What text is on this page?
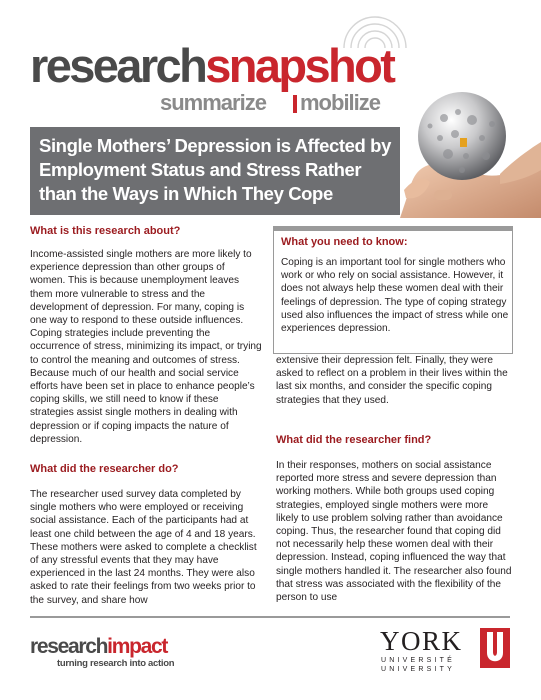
researchsnapshot
summarize mobilize
Single Mothers’ Depression is Affected by Employment Status and Stress Rather than the Ways in Which They Cope
What is this research about?
Income-assisted single mothers are more likely to experience depression than other groups of women. This is because unemployment leaves them more vulnerable to stress and the development of depression. For many, coping is one way to respond to these outside influences. Coping strategies include preventing the occurrence of stress, minimizing its impact, or trying to control the meaning and outcomes of stress. Because much of our health and social service efforts have been set in place to enhance people’s coping skills, we still need to know if these strategies assist single mothers in dealing with depression or if coping impacts the nature of depression.
What did the researcher do?
The researcher used survey data completed by single mothers who were employed or receiving social assistance. Each of the participants had at least one child between the age of 4 and 18 years. These mothers were asked to complete a checklist of any stressful events that they may have experienced in the last 24 months. They were also asked to rate their feelings from two weeks prior to the survey, and share how
What you need to know:
Coping is an important tool for single mothers who work or who rely on social assistance. However, it does not always help these women deal with their feelings of depression. The type of coping strategy used also influences the impact of stress while one experiences depression.
extensive their depression felt. Finally, they were asked to reflect on a problem in their lives within the last six months, and consider the specific coping strategies that they used.
What did the researcher find?
In their responses, mothers on social assistance reported more stress and severe depression than working mothers. While both groups used coping strategies, employed single mothers were more likely to use problem solving rather than avoidance coping. Thus, the researcher found that coping did not necessarily help these women deal with their depression. Instead, coping influenced the way that single mothers handled it. The researcher also found that stress was associated with the flexibility of the person to use
researchimpact
turning research into action
YORK
UNIVERSITÉ
UNIVERSITY
